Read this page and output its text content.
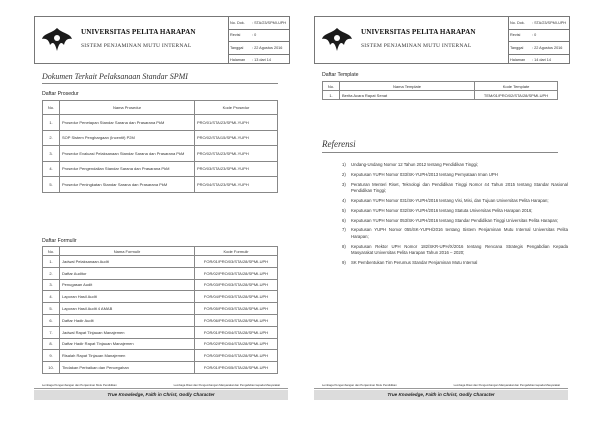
UNIVERSITAS PELITA HARAPAN
SISTEM PENJAMINAN MUTU INTERNAL
No. Dok.	: STA/23/SPMI-UPH
Revisi	: 0
Tanggal	: 22 Agustus 2016
Halaman	: 13 dari 14
Dokumen Terkait Pelaksanaan Standar SPMI
Daftar Prosedur
No.	Nama Prosedur	Kode Prosedur
1.	Prosedur Penetapan Standar Sarana dan Prasarana PkM	PRO/01/STA/23/SPMI-YUPH
2.	SOP Sistem Penghargaan (Incentif) P2M	PRO/02/STA/15/SPMI-YUPH
3.	Prosedur Evaluasi Pelaksanaan Standar Sarana dan Prasarana PkM	PRO/02/STA/23/SPMI-YUPH
4.	Prosedur Pengendalian Standar Sarana dan Prasarana PkM	PRO/03/STA/23/SPMI-YUPH
5.	Prosedur Peningkatan Standar Sarana dan Prasarana PkM	PRO/04/STA/23/SPMI-YUPH
Daftar Formulir
No.	Nama Formulir	Kode Formulir
1.	Jadwal Pelaksanaan Audit	FOR/01/PRO/03/STA/28/SPMI-UPH
2.	Daftar Auditor	FOR/02/PRO/03/STA/28/SPMI-UPH
3.	Penugasan Audit	FOR/03/PRO/03/STA/28/SPMI-UPH
4.	Laporan Hasil Audit	FOR/04/PRO/03/STA/28/SPMI-UPH
5.	Laporan Hasil Audit 4 AMAB	FOR/05/PRO/03/STA/28/SPMI-UPH
6.	Daftar Hadir Audit	FOR/06/PRO/03/STA/28/SPMI-UPH
7.	Jadwal Rapat Tinjauan Manajemen	FOR/01/PRO/04/STA/28/SPMI-UPH
8.	Daftar Hadir Rapat Tinjauan Manajemen	FOR/02/PRO/04/STA/28/SPMI-UPH
9.	Risalah Rapat Tinjauan Manajemen	FOR/03/PRO/04/STA/28/SPMI-UPH
10.	Tindakan Perbaikan dan Pencegahan	FOR/01/PRO/05/STA/28/SPMI-UPH
Lembaga Pengembangan dan Penjaminan Mutu Pendidikan	Lembaga Riset dan Pengembangan Masyarakat dan Pengabdian kepada Masyarakat
True Knowledge, Faith in Christ, Godly Character
UNIVERSITAS PELITA HARAPAN
SISTEM PENJAMINAN MUTU INTERNAL
No. Dok.	: STA/23/SPMI-UPH
Revisi	: 0
Tanggal	: 22 Agustus 2016
Halaman	: 14 dari 14
Daftar Template
No.	Nama Template	Kode Template
1.	Berita Acara Rapat Senat	TEM/01/PRO/02/STA/28/SPMI-UPH
Referensi
1)	Undang-Undang Nomor 12 Tahun 2012 tentang Pendidikan Tinggi;
2)	Keputusan YUPH Nomor 033/SK-YUPH/2013 tentang Pernyataan Iman UPH
3)	Peraturan Menteri Riset, Teknologi dan Pendidikan Tinggi Nomor 44 Tahun 2015 tentang Standar Nasional Pendidikan Tinggi;
4)	Keputusan YUPH Nomor 031/SK-YUPH/2016 tentang Visi, Misi, dan Tujuan Universitas Pelita Harapan;
5)	Keputusan YUPH Nomor 032/SK-YUPH/2016 tentang Statuta Universitas Pelita Harapan 2016;
6)	Keputusan YUPH Nomor 053/SK-YUPH/2016 tentang Standar Pendidikan Tinggi Universitas Pelita Harapan;
7)	Keputusan YUPH Nomor 055/SK-YUPH/2016 tentang Sistem Penjaminan Mutu Internal Universitas Pelita Harapan;
8)	Keputusan Rektor UPH Nomor 182/SKR-UPH/X/2016 tentang Rencana Strategis Pengabdian Kepada Masyarakat Universitas Pelita Harapan Tahun 2016 – 2020;
9)	SK Pembentukan Tim Perumus Standar Penjaminan Mutu Internal
Lembaga Pengembangan dan Penjaminan Mutu Pendidikan	Lembaga Riset dan Pengembangan Masyarakat dan Pengabdian kepada Masyarakat
True Knowledge, Faith in Christ, Godly Character
